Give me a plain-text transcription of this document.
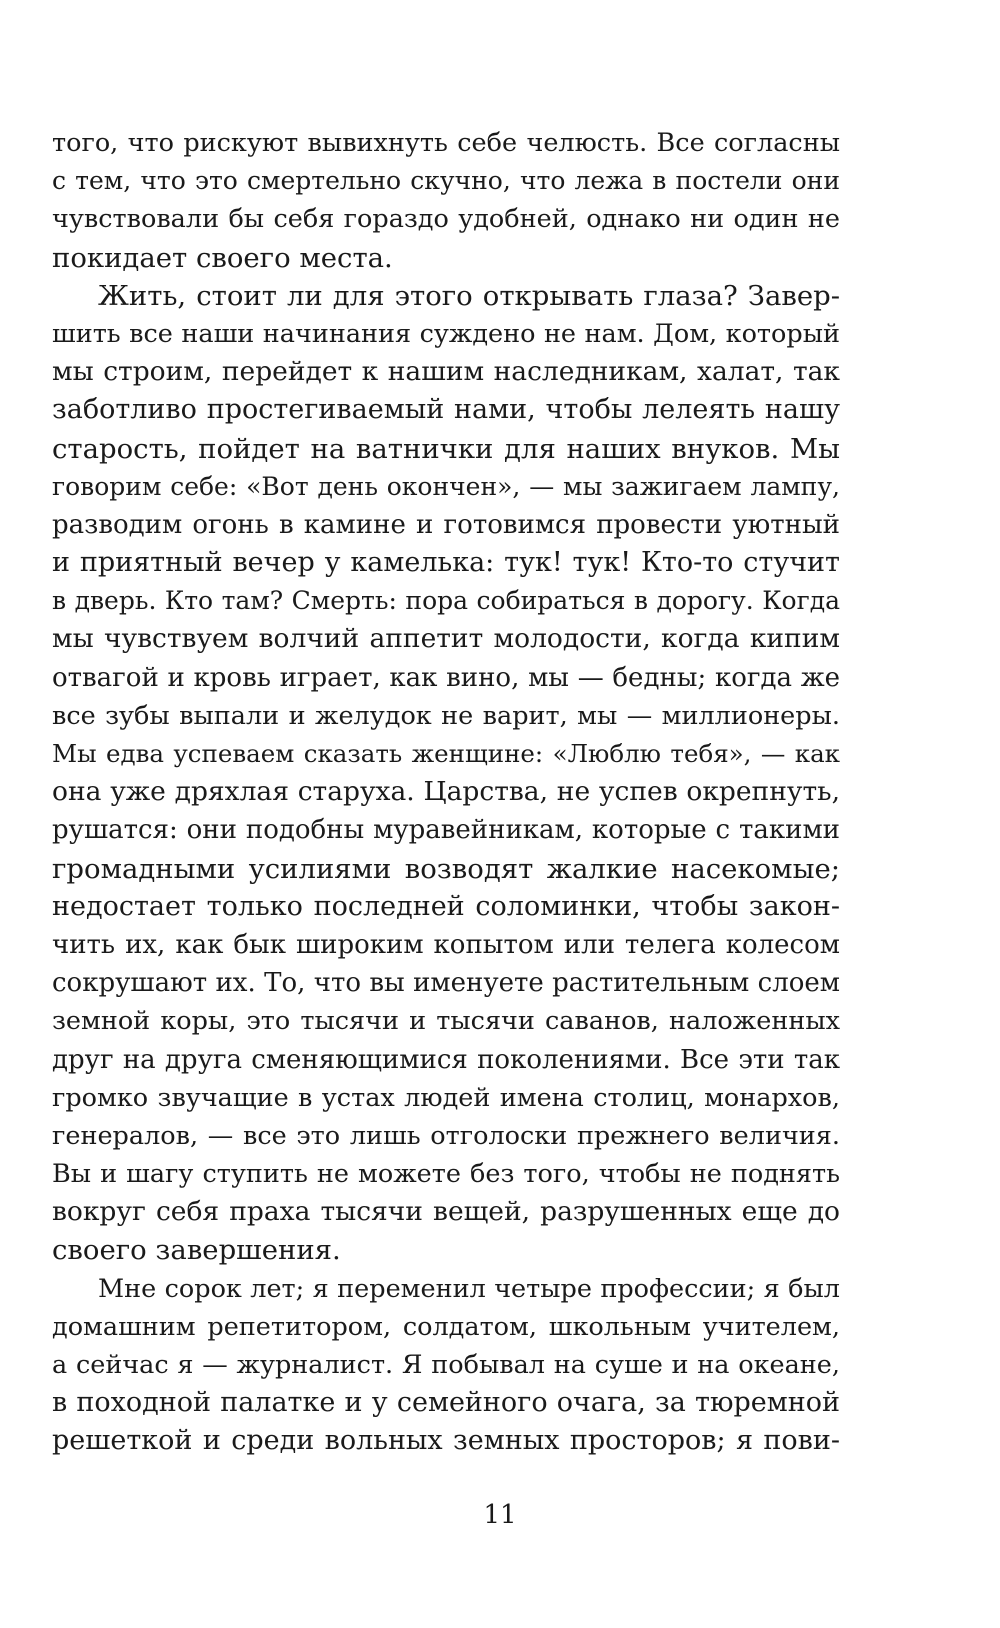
того, что рискуют вывихнуть себе челюсть. Все согласны
с тем, что это смертельно скучно, что лежа в постели они
чувствовали бы себя гораздо удобней, однако ни один не
покидает своего места.
Жить, стоит ли для этого открывать глаза? Завер-
шить все наши начинания суждено не нам. Дом, который
мы строим, перейдет к нашим наследникам, халат, так
заботливо простегиваемый нами, чтобы лелеять нашу
старость, пойдет на ватнички для наших внуков. Мы
говорим себе: «Вот день окончен», — мы зажигаем лампу,
разводим огонь в камине и готовимся провести уютный
и приятный вечер у камелька: тук! тук! Кто-то стучит
в дверь. Кто там? Смерть: пора собираться в дорогу. Когда
мы чувствуем волчий аппетит молодости, когда кипим
отвагой и кровь играет, как вино, мы — бедны; когда же
все зубы выпали и желудок не варит, мы — миллионеры.
Мы едва успеваем сказать женщине: «Люблю тебя», — как
она уже дряхлая старуха. Царства, не успев окрепнуть,
рушатся: они подобны муравейникам, которые с такими
громадными усилиями возводят жалкие насекомые;
недостает только последней соломинки, чтобы закон-
чить их, как бык широким копытом или телега колесом
сокрушают их. То, что вы именуете растительным слоем
земной коры, это тысячи и тысячи саванов, наложенных
друг на друга сменяющимися поколениями. Все эти так
громко звучащие в устах людей имена столиц, монархов,
генералов, — все это лишь отголоски прежнего величия.
Вы и шагу ступить не можете без того, чтобы не поднять
вокруг себя праха тысячи вещей, разрушенных еще до
своего завершения.
Мне сорок лет; я переменил четыре профессии; я был
домашним репетитором, солдатом, школьным учителем,
а сейчас я — журналист. Я побывал на суше и на океане,
в походной палатке и у семейного очага, за тюремной
решеткой и среди вольных земных просторов; я пови-
11
